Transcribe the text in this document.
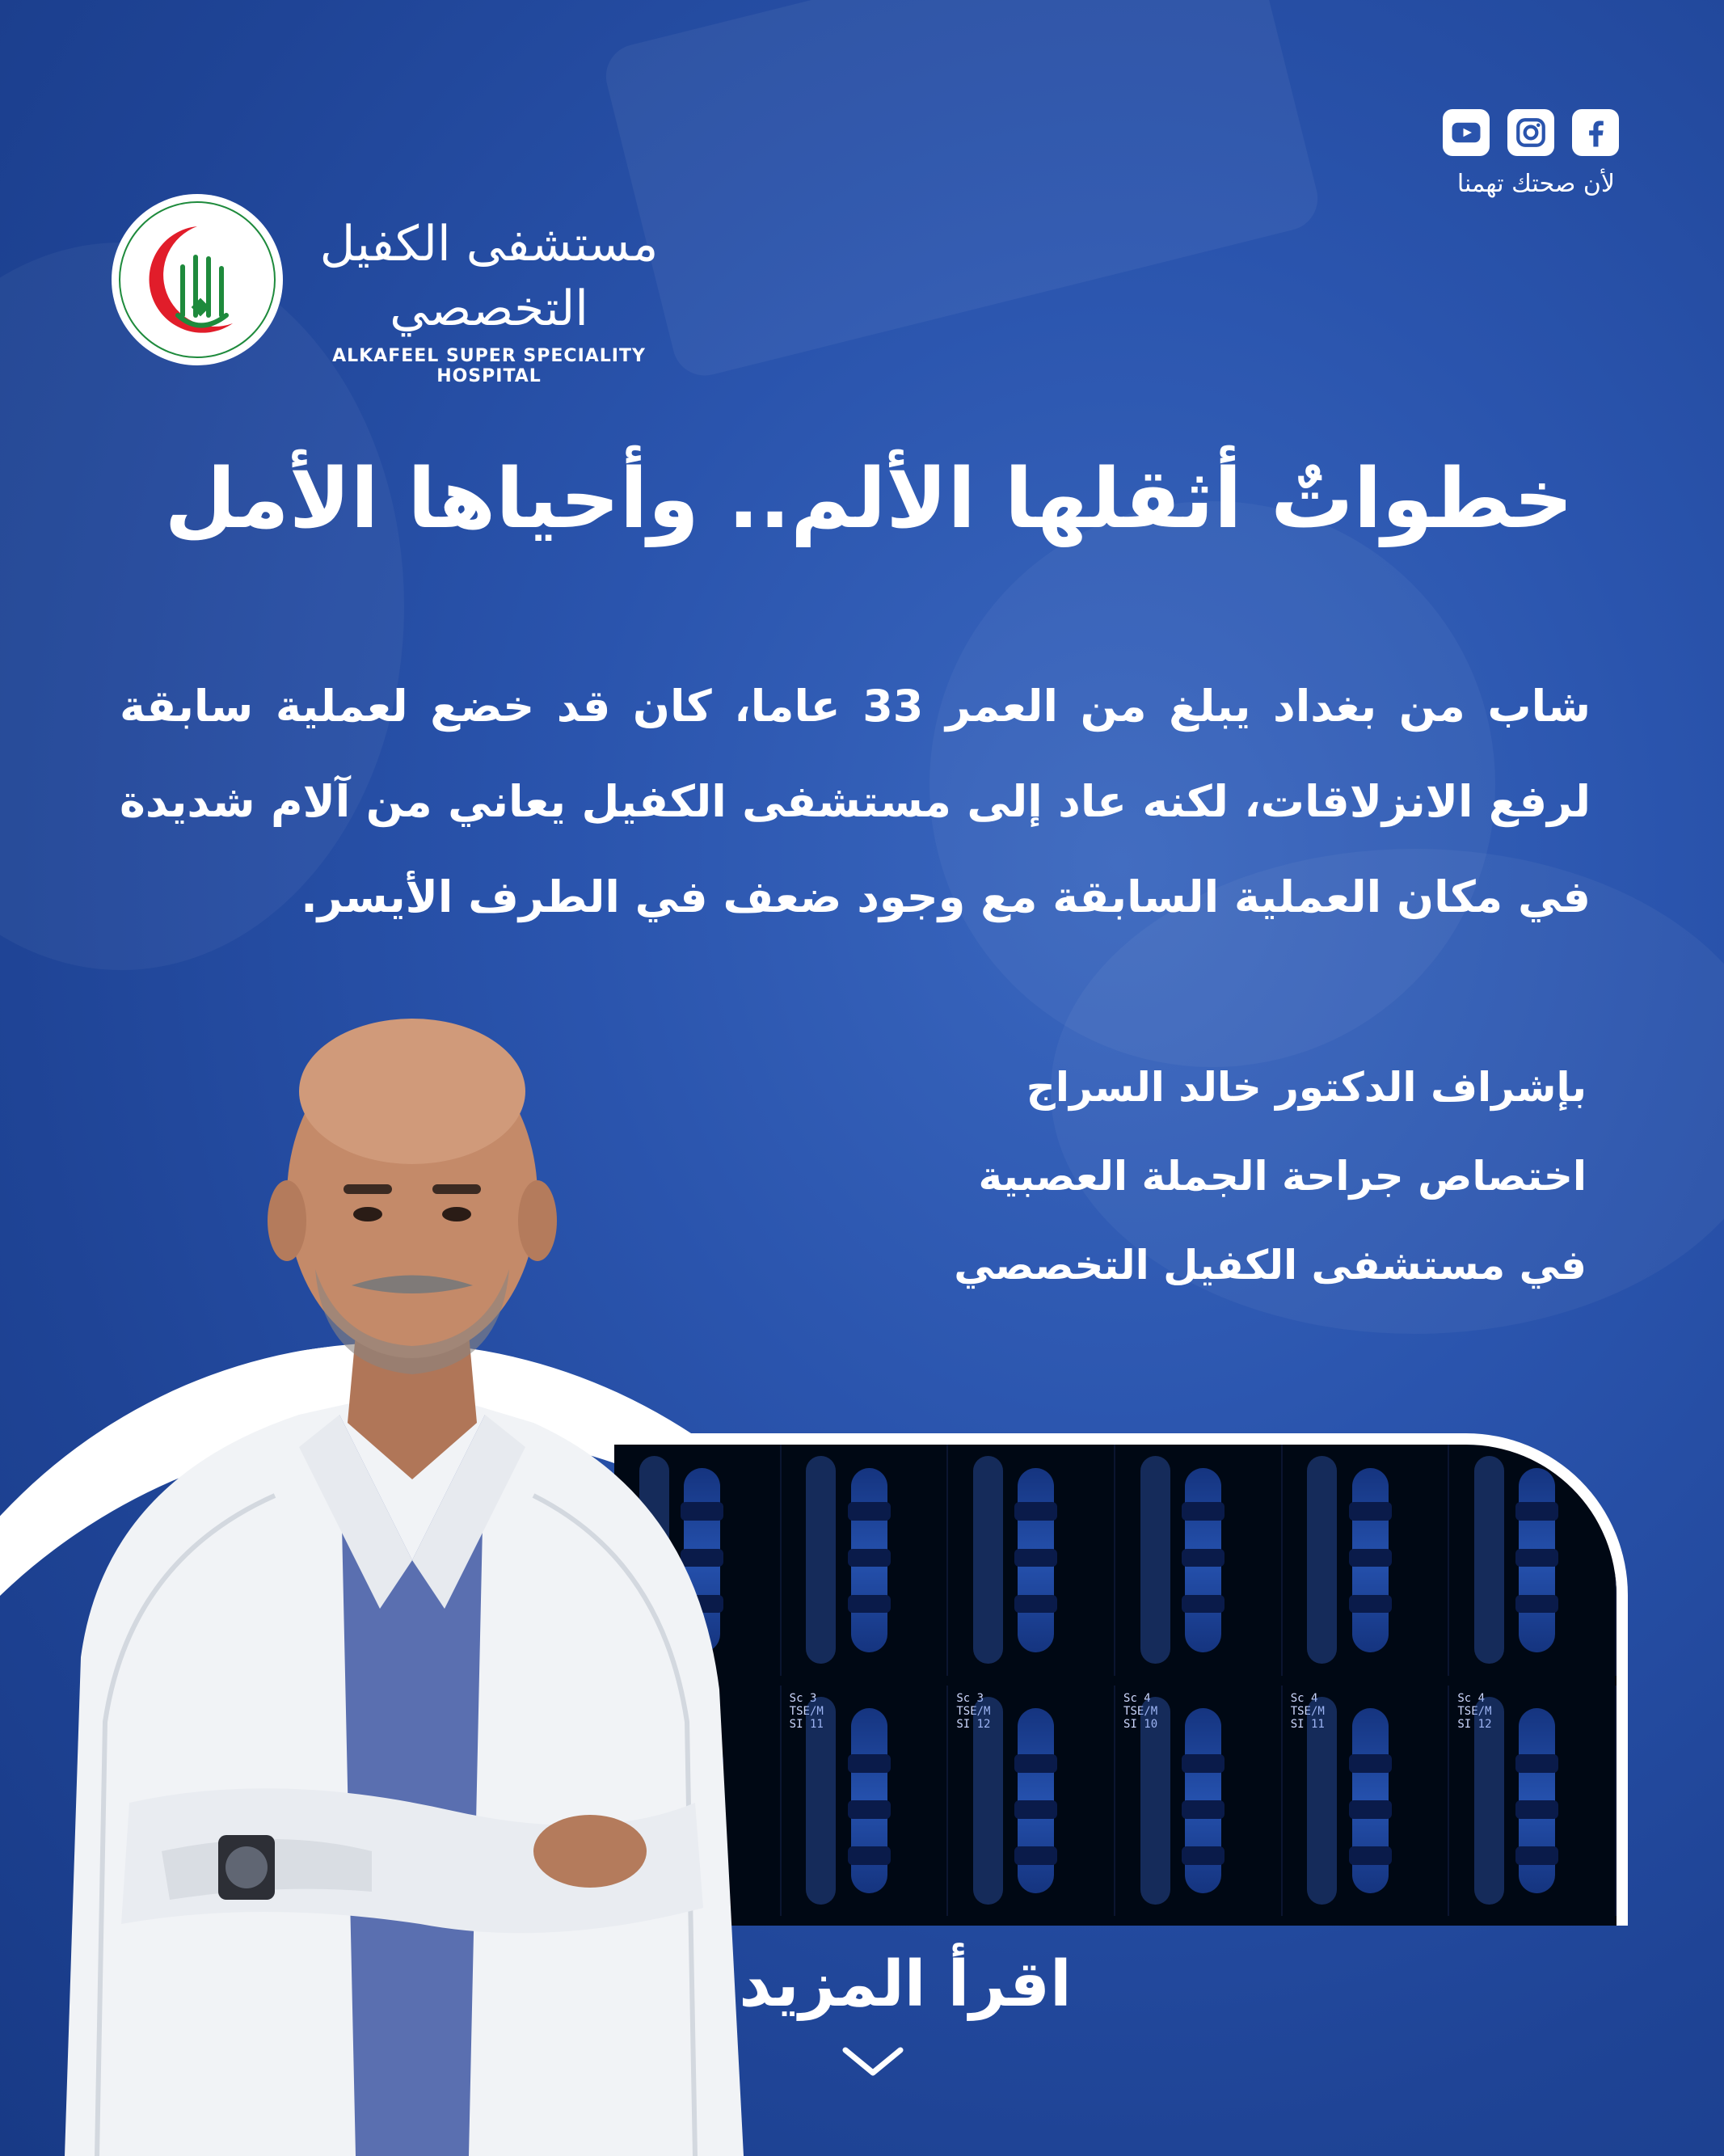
لأن صحتك تهمنا
مستشفى الكفيل التخصصي
ALKAFEEL SUPER SPECIALITY HOSPITAL
خطواتٌ أثقلها الألم.. وأحياها الأمل

شاب من بغداد يبلغ من العمر 33 عاما، كان قد خضع لعملية سابقة لرفع الانزلاقات، لكنه عاد إلى مستشفى الكفيل يعاني من آلام شديدة في مكان العملية السابقة مع وجود ضعف في الطرف الأيسر.

بإشراف الدكتور خالد السراج
اختصاص جراحة الجملة العصبية
في مستشفى الكفيل التخصصي
Sc 3
TSE/M
SI 11
Sc 3
TSE/M
SI 12
Sc 4
TSE/M
SI 10
Sc 4
TSE/M
SI 11
Sc 4
TSE/M
SI 12
اقرأ المزيد
